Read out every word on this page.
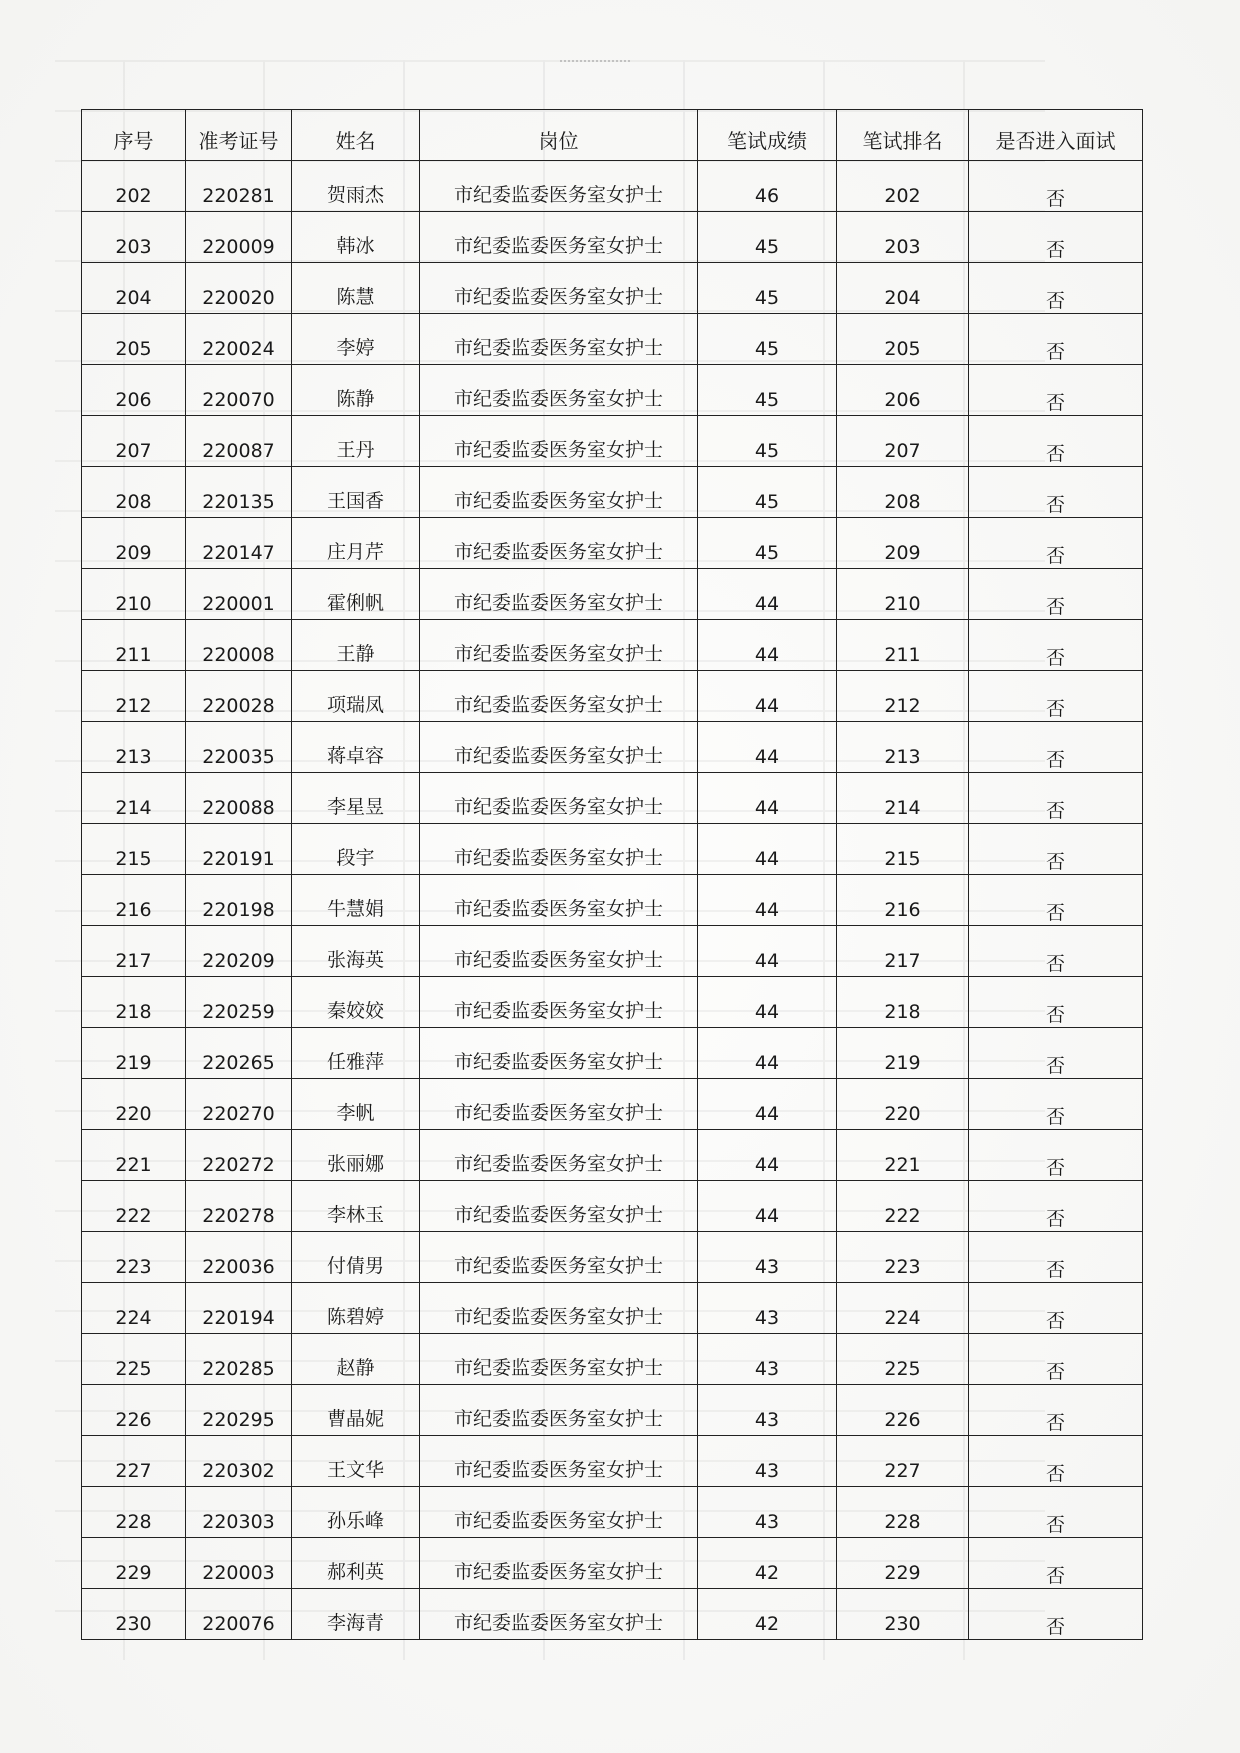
序号	准考证号	姓名	岗位	笔试成绩	笔试排名	是否进入面试
202	220281	贺雨杰	市纪委监委医务室女护士	46	202	否
203	220009	韩冰	市纪委监委医务室女护士	45	203	否
204	220020	陈慧	市纪委监委医务室女护士	45	204	否
205	220024	李婷	市纪委监委医务室女护士	45	205	否
206	220070	陈静	市纪委监委医务室女护士	45	206	否
207	220087	王丹	市纪委监委医务室女护士	45	207	否
208	220135	王国香	市纪委监委医务室女护士	45	208	否
209	220147	庄月芹	市纪委监委医务室女护士	45	209	否
210	220001	霍俐帆	市纪委监委医务室女护士	44	210	否
211	220008	王静	市纪委监委医务室女护士	44	211	否
212	220028	项瑞凤	市纪委监委医务室女护士	44	212	否
213	220035	蒋卓容	市纪委监委医务室女护士	44	213	否
214	220088	李星昱	市纪委监委医务室女护士	44	214	否
215	220191	段宇	市纪委监委医务室女护士	44	215	否
216	220198	牛慧娟	市纪委监委医务室女护士	44	216	否
217	220209	张海英	市纪委监委医务室女护士	44	217	否
218	220259	秦姣姣	市纪委监委医务室女护士	44	218	否
219	220265	任雅萍	市纪委监委医务室女护士	44	219	否
220	220270	李帆	市纪委监委医务室女护士	44	220	否
221	220272	张丽娜	市纪委监委医务室女护士	44	221	否
222	220278	李林玉	市纪委监委医务室女护士	44	222	否
223	220036	付倩男	市纪委监委医务室女护士	43	223	否
224	220194	陈碧婷	市纪委监委医务室女护士	43	224	否
225	220285	赵静	市纪委监委医务室女护士	43	225	否
226	220295	曹晶妮	市纪委监委医务室女护士	43	226	否
227	220302	王文华	市纪委监委医务室女护士	43	227	否
228	220303	孙乐峰	市纪委监委医务室女护士	43	228	否
229	220003	郝利英	市纪委监委医务室女护士	42	229	否
230	220076	李海青	市纪委监委医务室女护士	42	230	否
